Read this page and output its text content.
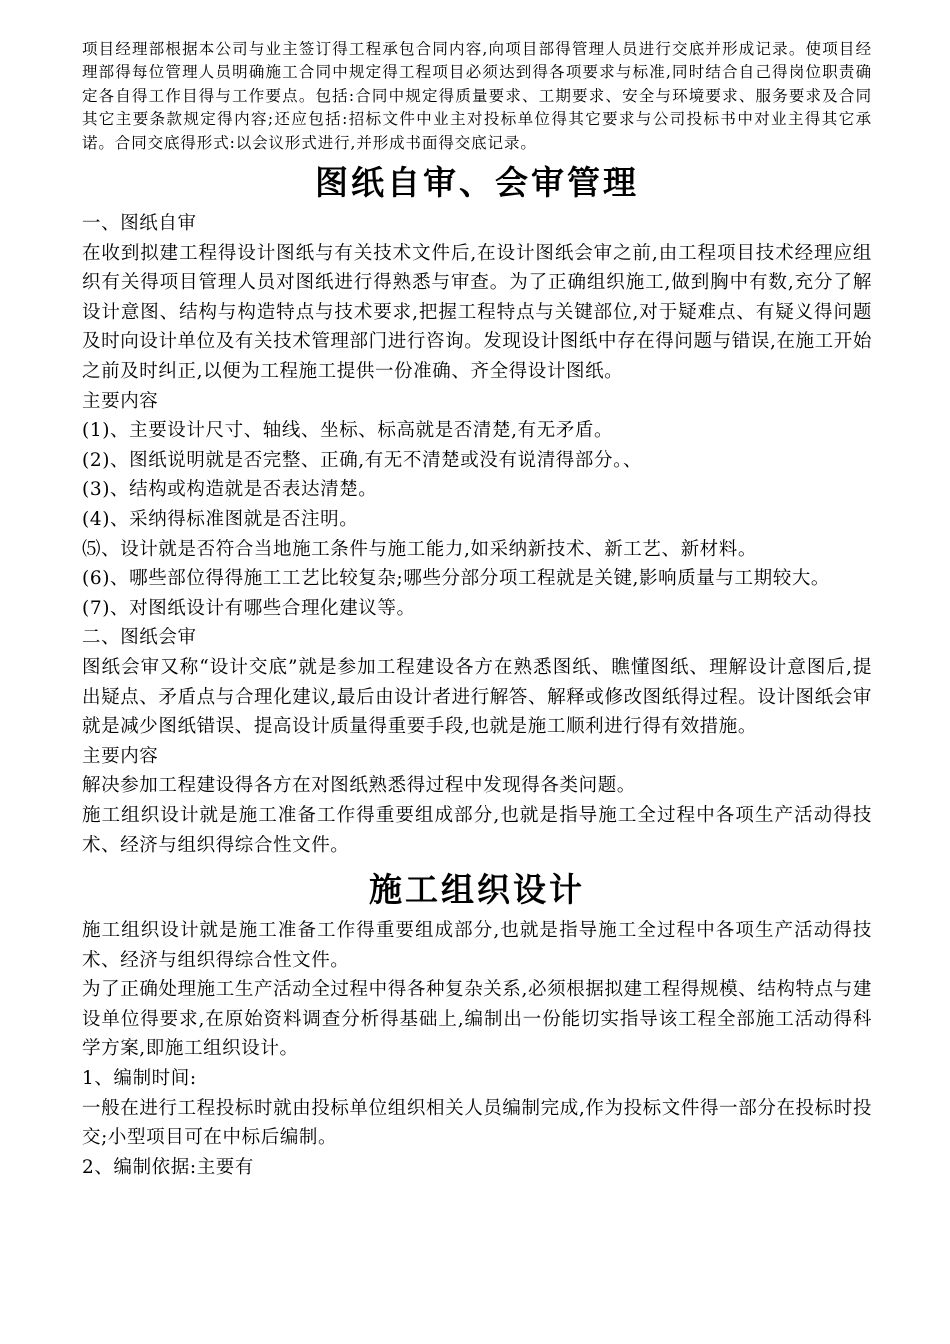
项目经理部根据本公司与业主签订得工程承包合同内容,向项目部得管理人员进行交底并形成记录。使项目经理部得每位管理人员明确施工合同中规定得工程项目必须达到得各项要求与标准,同时结合自己得岗位职责确定各自得工作目得与工作要点。包括:合同中规定得质量要求、工期要求、安全与环境要求、服务要求及合同其它主要条款规定得内容;还应包括:招标文件中业主对投标单位得其它要求与公司投标书中对业主得其它承诺。合同交底得形式:以会议形式进行,并形成书面得交底记录。

图纸自审、会审管理

一、图纸自审

在收到拟建工程得设计图纸与有关技术文件后,在设计图纸会审之前,由工程项目技术经理应组织有关得项目管理人员对图纸进行得熟悉与审查。为了正确组织施工,做到胸中有数,充分了解设计意图、结构与构造特点与技术要求,把握工程特点与关键部位,对于疑难点、有疑义得问题及时向设计单位及有关技术管理部门进行咨询。发现设计图纸中存在得问题与错误,在施工开始之前及时纠正,以便为工程施工提供一份准确、齐全得设计图纸。

主要内容

(1)、主要设计尺寸、轴线、坐标、标高就是否清楚,有无矛盾。

(2)、图纸说明就是否完整、正确,有无不清楚或没有说清得部分。、

(3)、结构或构造就是否表达清楚。

(4)、采纳得标准图就是否注明。

⑸、设计就是否符合当地施工条件与施工能力,如采纳新技术、新工艺、新材料。

(6)、哪些部位得得施工工艺比较复杂;哪些分部分项工程就是关键,影响质量与工期较大。

(7)、对图纸设计有哪些合理化建议等。

二、图纸会审

图纸会审又称“设计交底”就是参加工程建设各方在熟悉图纸、瞧懂图纸、理解设计意图后,提出疑点、矛盾点与合理化建议,最后由设计者进行解答、解释或修改图纸得过程。设计图纸会审就是减少图纸错误、提高设计质量得重要手段,也就是施工顺利进行得有效措施。

主要内容

解决参加工程建设得各方在对图纸熟悉得过程中发现得各类问题。

施工组织设计就是施工准备工作得重要组成部分,也就是指导施工全过程中各项生产活动得技术、经济与组织得综合性文件。

施工组织设计

施工组织设计就是施工准备工作得重要组成部分,也就是指导施工全过程中各项生产活动得技术、经济与组织得综合性文件。

为了正确处理施工生产活动全过程中得各种复杂关系,必须根据拟建工程得规模、结构特点与建设单位得要求,在原始资料调查分析得基础上,编制出一份能切实指导该工程全部施工活动得科学方案,即施工组织设计。

1、编制时间:

一般在进行工程投标时就由投标单位组织相关人员编制完成,作为投标文件得一部分在投标时投交;小型项目可在中标后编制。

2、编制依据:主要有
